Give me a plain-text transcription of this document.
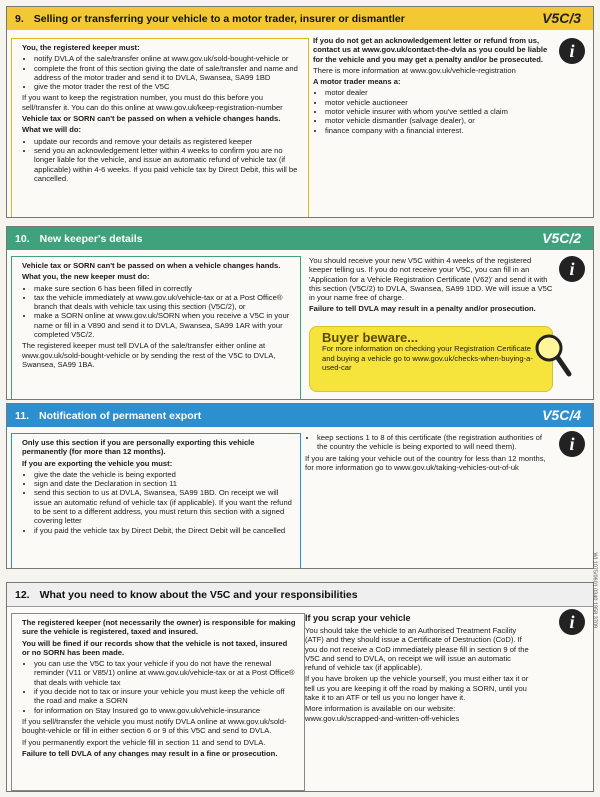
9. Selling or transferring your vehicle to a motor trader, insurer or dismantler	V5C/3

You, the registered keeper must:

• notify DVLA of the sale/transfer online at www.gov.uk/sold-bought-vehicle or
• complete the front of this section giving the date of sale/transfer and name and address of the motor trader and send it to DVLA, Swansea, SA99 1BD
• give the motor trader the rest of the V5C

If you want to keep the registration number, you must do this before you sell/transfer it. You can do this online at www.gov.uk/keep-registration-number

Vehicle tax or SORN can't be passed on when a vehicle changes hands.

What we will do:

• update our records and remove your details as registered keeper
• send you an acknowledgement letter within 4 weeks to confirm you are no longer liable for the vehicle, and issue an automatic refund of vehicle tax (if applicable) within 4-6 weeks. If you paid vehicle tax by Direct Debit, this will be cancelled.

If you do not get an acknowledgement letter or refund from us, contact us at www.gov.uk/contact-the-dvla as you could be liable for the vehicle and you may get a penalty and/or be prosecuted.

There is more information at www.gov.uk/vehicle-registration

A motor trader means a:

• motor dealer
• motor vehicle auctioneer
• motor vehicle insurer with whom you've settled a claim
• motor vehicle dismantler (salvage dealer), or
• finance company with a financial interest.
i
10. New keeper's details	V5C/2

Vehicle tax or SORN can't be passed on when a vehicle changes hands.

What you, the new keeper must do:

• make sure section 6 has been filled in correctly
• tax the vehicle immediately at www.gov.uk/vehicle-tax or at a Post Office® branch that deals with vehicle tax using this section (V5C/2), or
• make a SORN online at www.gov.uk/SORN when you receive a V5C in your name or fill in a V890 and send it to DVLA, Swansea, SA99 1AR with your completed V5C/2.

The registered keeper must tell DVLA of the sale/transfer either online at www.gov.uk/sold-bought-vehicle or by sending the rest of the V5C to DVLA, Swansea, SA99 1BA.

You should receive your new V5C within 4 weeks of the registered keeper telling us. If you do not receive your V5C, you can fill in an 'Application for a Vehicle Registration Certificate (V62)' and send it with this section (V5C/2) to DVLA, Swansea, SA99 1DD. We will issue a V5C in your name free of charge.

Failure to tell DVLA may result in a penalty and/or prosecution.

Buyer beware...
For more information on checking your Registration Certificate and buying a vehicle go to www.gov.uk/checks-when-buying-a-used-car
i
11. Notification of permanent export	V5C/4

Only use this section if you are personally exporting this vehicle permanently (for more than 12 months).

If you are exporting the vehicle you must:

• give the date the vehicle is being exported
• sign and date the Declaration in section 11
• send this section to us at DVLA, Swansea, SA99 1BD. On receipt we will issue an automatic refund of vehicle tax (if applicable). If you want the refund to be sent to a different address, you must return this section with a signed covering letter
• if you paid the vehicle tax by Direct Debit, the Direct Debit will be cancelled
• keep sections 1 to 8 of this certificate (the registration authorities of the country the vehicle is being exported to will need them).

If you are taking your vehicle out of the country for less than 12 months, for more information go to www.gov.uk/taking-vehicles-out-of-uk

i
12. What you need to know about the V5C and your responsibilities

The registered keeper (not necessarily the owner) is responsible for making sure the vehicle is registered, taxed and insured.

You will be fined if our records show that the vehicle is not taxed, insured or no SORN has been made.

• you can use the V5C to tax your vehicle if you do not have the renewal reminder (V11 or V85/1) online at www.gov.uk/vehicle-tax or at a Post Office® that deals with vehicle tax
• if you decide not to tax or insure your vehicle you must keep the vehicle off the road and make a SORN
• for information on Stay Insured go to www.gov.uk/vehicle-insurance

If you sell/transfer the vehicle you must notify DVLA online at www.gov.uk/sold-bought-vehicle or fill in either section 6 or 9 of this V5C and send to DVLA.

If you permanently export the vehicle fill in section 11 and send to DVLA.

Failure to tell DVLA of any changes may result in a fine or prosecution.

If you scrap your vehicle

You should take the vehicle to an Authorised Treatment Facility (ATF) and they should issue a Certificate of Destruction (CoD). If you do not receive a CoD immediately please fill in section 9 of the V5C and send to DVLA, on receipt we will issue an automatic refund of vehicle tax (if applicable).

If you have broken up the vehicle yourself, you must either tax it or tell us you are keeping it off the road by making a SORN, until you take it to an ATF or tell us you no longer have it.

More information is available on our website: www.gov.uk/scrapped-and-written-off-vehicles

i	WI 1075/0601 0340 1958 3709
